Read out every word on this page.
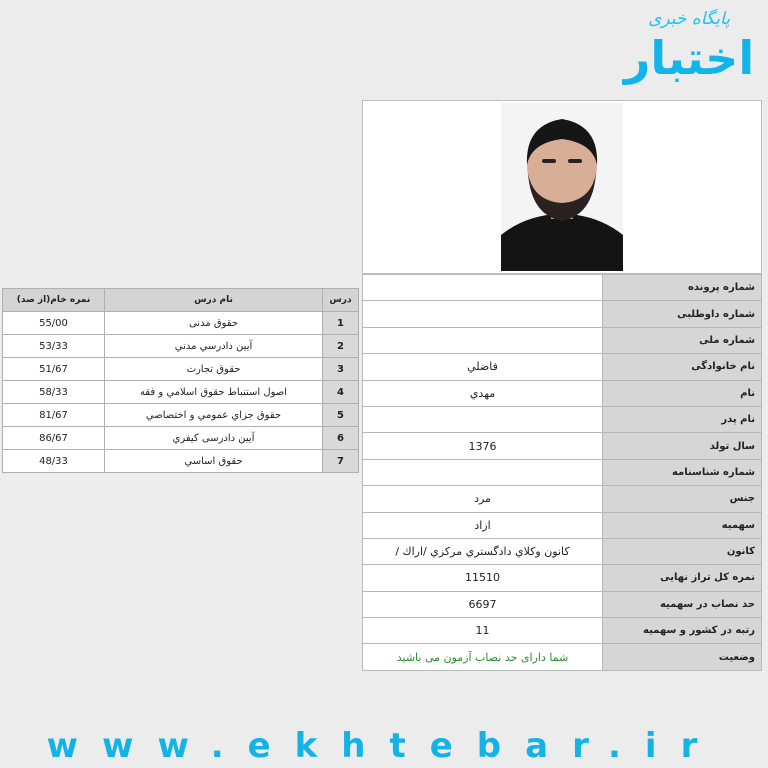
پایگاه خبری
اختبار
درس	نام درس	نمره خام(از صد)
1	حقوق مدنی	55/00
2	آيين دادرسي مدني	53/33
3	حقوق تجارت	51/67
4	اصول استنباط حقوق اسلامي و فقه	58/33
5	حقوق جزاي عمومي و اختصاصي	81/67
6	آيين دادرسی کيفري	86/67
7	حقوق اساسي	48/33
شماره پرونده	
شماره داوطلبی	
شماره ملی	
نام خانوادگی	فاضلي
نام	مهدي
نام پدر	
سال تولد	1376
شماره شناسنامه	
جنس	مرد
سهميه	ازاد
کانون	کانون وکلاي دادگستري مرکزي /اراك /
نمره کل تراز نهايی	11510
حد نصاب در سهميه	6697
رتبه در کشور و سهميه	11
وضعيت	شما دارای حد نصاب آزمون می باشيد
www.ekhtebar.ir
